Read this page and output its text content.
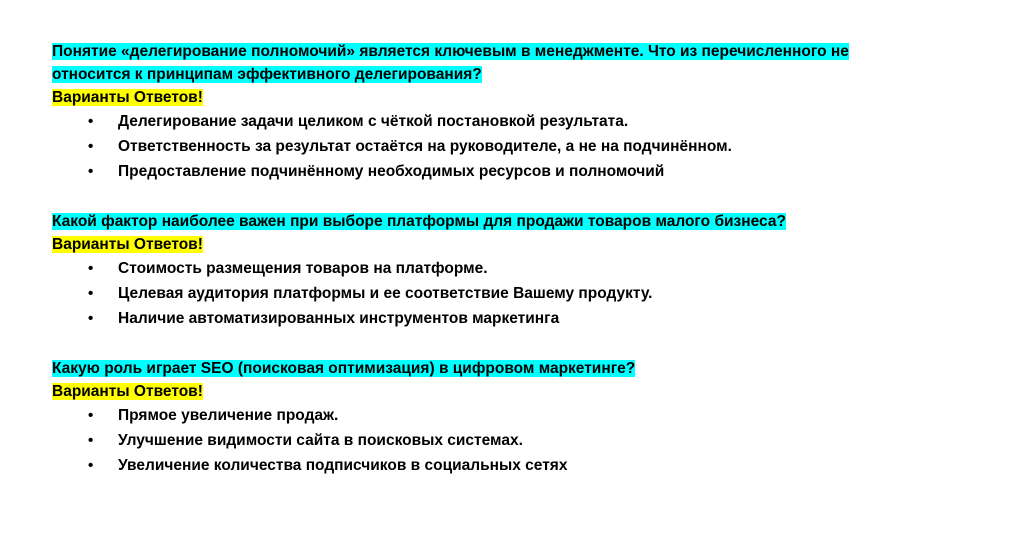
Понятие «делегирование полномочий» является ключевым в менеджменте. Что из перечисленного не
относится к принципам эффективного делегирования?
Варианты Ответов!
• Делегирование задачи целиком с чёткой постановкой результата.
• Ответственность за результат остаётся на руководителе, а не на подчинённом.
• Предоставление подчинённому необходимых ресурсов и полномочий
Какой фактор наиболее важен при выборе платформы для продажи товаров малого бизнеса?
Варианты Ответов!
• Стоимость размещения товаров на платформе.
• Целевая аудитория платформы и ее соответствие Вашему продукту.
• Наличие автоматизированных инструментов маркетинга
Какую роль играет SEO (поисковая оптимизация) в цифровом маркетинге?
Варианты Ответов!
• Прямое увеличение продаж.
• Улучшение видимости сайта в поисковых системах.
• Увеличение количества подписчиков в социальных сетях
